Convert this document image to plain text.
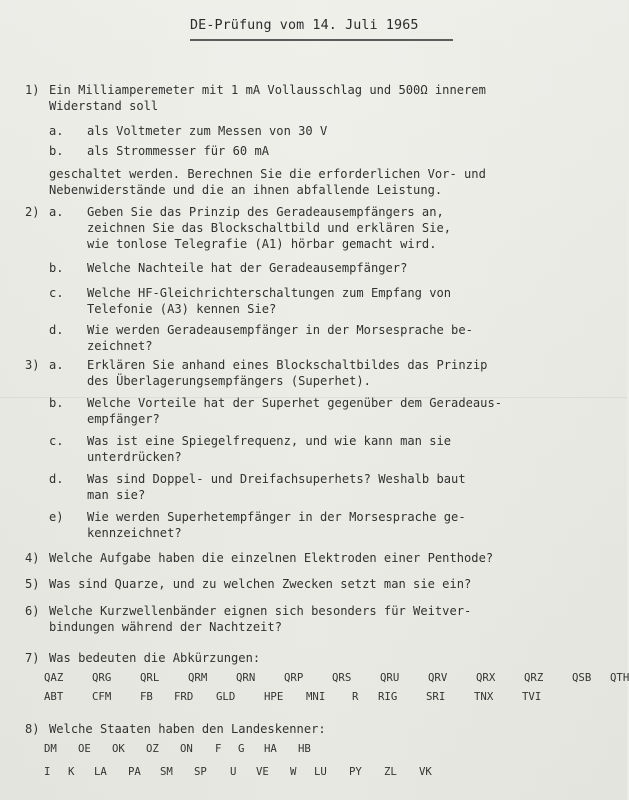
DE-Prüfung vom 14. Juli 1965
1) Ein Milliamperemeter mit 1 mA Vollausschlag und 500Ω innerem
Widerstand soll
a. als Voltmeter zum Messen von 30 V
b. als Strommesser für 60 mA
geschaltet werden. Berechnen Sie die erforderlichen Vor- und
Nebenwiderstände und die an ihnen abfallende Leistung.
2) a. Geben Sie das Prinzip des Geradeausempfängers an,
zeichnen Sie das Blockschaltbild und erklären Sie,
wie tonlose Telegrafie (A1) hörbar gemacht wird.
b. Welche Nachteile hat der Geradeausempfänger?
c. Welche HF-Gleichrichterschaltungen zum Empfang von
Telefonie (A3) kennen Sie?
d. Wie werden Geradeausempfänger in der Morsesprache be-
zeichnet?
3) a. Erklären Sie anhand eines Blockschaltbildes das Prinzip
des Überlagerungsempfängers (Superhet).
b. Welche Vorteile hat der Superhet gegenüber dem Geradeaus-
empfänger?
c. Was ist eine Spiegelfrequenz, und wie kann man sie
unterdrücken?
d. Was sind Doppel- und Dreifachsuperhets? Weshalb baut
man sie?
e) Wie werden Superhetempfänger in der Morsesprache ge-
kennzeichnet?
4) Welche Aufgabe haben die einzelnen Elektroden einer Penthode?
5) Was sind Quarze, und zu welchen Zwecken setzt man sie ein?
6) Welche Kurzwellenbänder eignen sich besonders für Weitver-
bindungen während der Nachtzeit?
7) Was bedeuten die Abkürzungen:
QAZ	QRG	QRL	QRM	QRN	QRP	QRS	QRU	QRV	QRX	QRZ	QSB QTH
ABT	CFM	FB FRD GLD	HPE MNI R RIG	SRI	TNX	TVI
8) Welche Staaten haben den Landeskenner:
DM OE OK OZ ON F G HA HB
I K LA PA SM SP U VE W LU PY ZL VK
